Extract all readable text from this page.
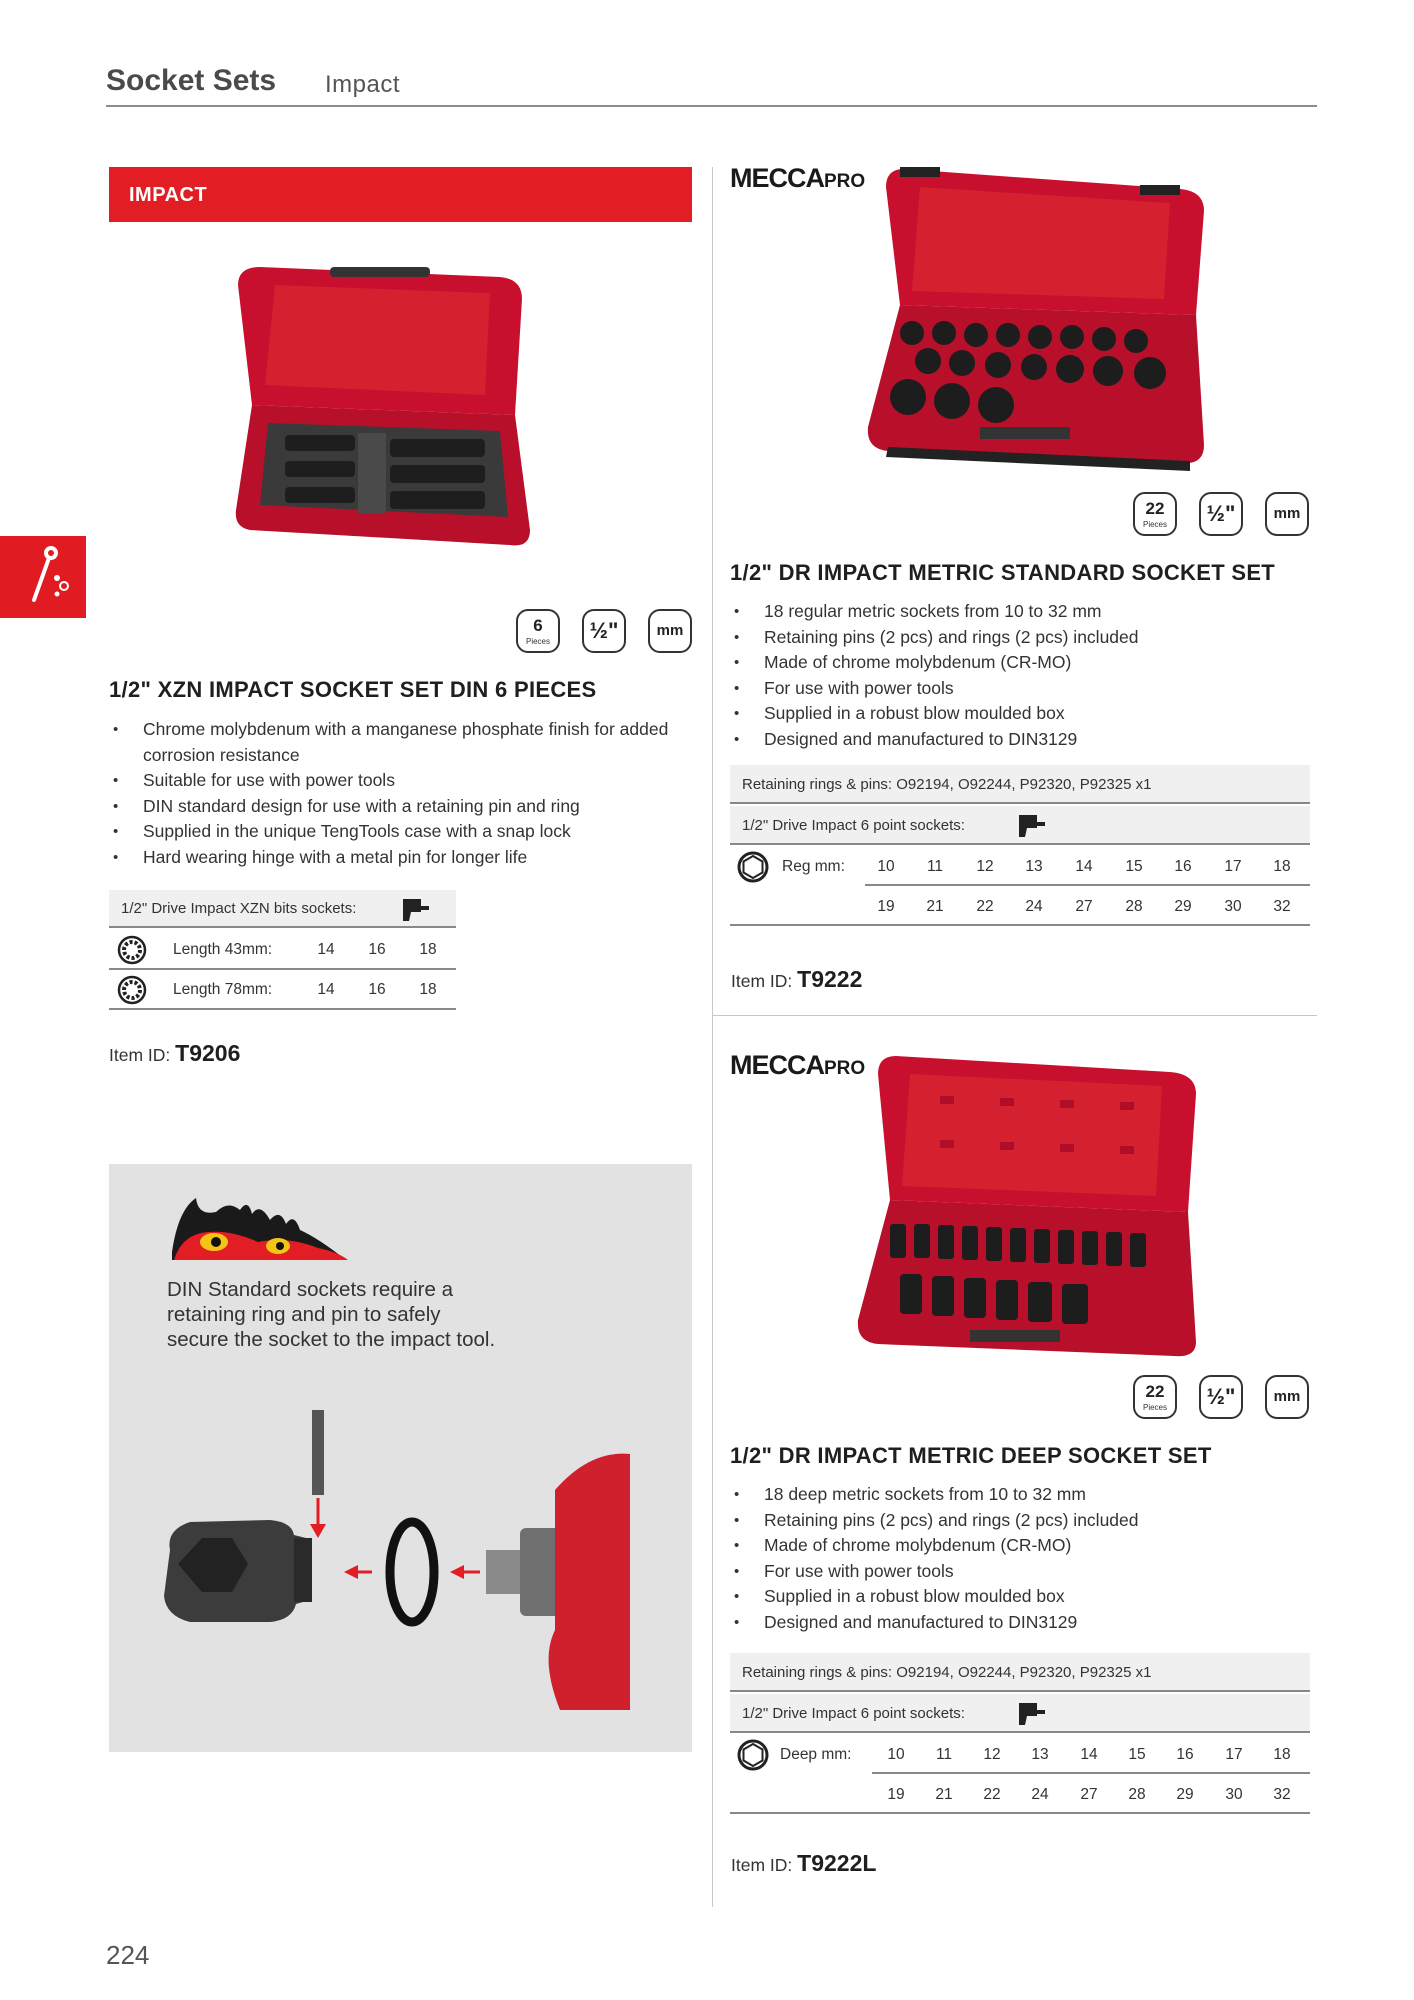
Socket Sets Impact
IMPACT
6
Pieces	½"	mm
1/2" XZN IMPACT SOCKET SET DIN 6 PIECES
• Chrome molybdenum with a manganese phosphate finish for added corrosion resistance
• Suitable for use with power tools
• DIN standard design for use with a retaining pin and ring
• Supplied in the unique TengTools case with a snap lock
• Hard wearing hinge with a metal pin for longer life
1/2" Drive Impact XZN bits sockets:
Length 43mm:	14	16	18
Length 78mm:	14	16	18
Item ID: T9206
DIN Standard sockets require a retaining ring and pin to safely secure the socket to the impact tool.
MECCAPRO
22
Pieces	½"	mm
1/2" DR IMPACT METRIC STANDARD SOCKET SET
• 18 regular metric sockets from 10 to 32 mm
• Retaining pins (2 pcs) and rings (2 pcs) included
• Made of chrome molybdenum (CR-MO)
• For use with power tools
• Supplied in a robust blow moulded box
• Designed and manufactured to DIN3129
Retaining rings & pins: O92194, O92244, P92320, P92325 x1
1/2" Drive Impact 6 point sockets:
Reg mm:	10	11	12	13	14	15	16	17	18
19	21	22	24	27	28	29	30	32
Item ID: T9222
MECCAPRO
22
Pieces	½"	mm
1/2" DR IMPACT METRIC DEEP SOCKET SET
• 18 deep metric sockets from 10 to 32 mm
• Retaining pins (2 pcs) and rings (2 pcs) included
• Made of chrome molybdenum (CR-MO)
• For use with power tools
• Supplied in a robust blow moulded box
• Designed and manufactured to DIN3129
Retaining rings & pins: O92194, O92244, P92320, P92325 x1
1/2" Drive Impact 6 point sockets:
Deep mm:	10	11	12	13	14	15	16	17	18
19	21	22	24	27	28	29	30	32
Item ID: T9222L
224
